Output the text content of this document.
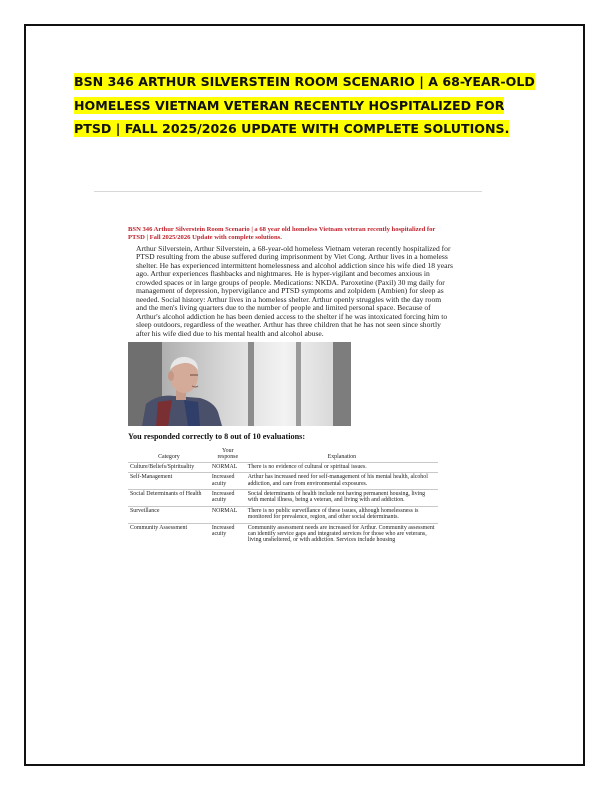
BSN 346 ARTHUR SILVERSTEIN ROOM SCENARIO | A 68-YEAR-OLD HOMELESS VIETNAM VETERAN RECENTLY HOSPITALIZED FOR PTSD | FALL 2025/2026 UPDATE WITH COMPLETE SOLUTIONS.

BSN 346 Arthur Silverstein Room Scenario | a 68 year old homeless Vietnam veteran recently hospitalized for PTSD | Fall 2025/2026 Update with complete solutions.

Arthur Silverstein, Arthur Silverstein, a 68-year-old homeless Vietnam veteran recently hospitalized for PTSD resulting from the abuse suffered during imprisonment by Viet Cong. Arthur lives in a homeless shelter. He has experienced intermittent homelessness and alcohol addiction since his wife died 18 years ago. Arthur experiences flashbacks and nightmares. He is hyper-vigilant and becomes anxious in crowded spaces or in large groups of people. Medications: NKDA. Paroxetine (Paxil) 30 mg daily for management of depression, hypervigilance and PTSD symptoms and zolpidem (Ambien) for sleep as needed. Social history: Arthur lives in a homeless shelter. Arthur openly struggles with the day room and the men's living quarters due to the number of people and limited personal space. Because of Arthur's alcohol addiction he has been denied access to the shelter if he was intoxicated forcing him to sleep outdoors, regardless of the weather. Arthur has three children that he has not seen since shortly after his wife died due to his mental health and alcohol abuse.

You responded correctly to 8 out of 10 evaluations:

Category	Your response	Explanation
Culture/Beliefs/Spirituality	NORMAL	There is no evidence of cultural or spiritual issues.
Self-Management	Increased acuity	Arthur has increased need for self-management of his mental health, alcohol addiction, and care from environmental exposures.
Social Determinants of Health	Increased acuity	Social determinants of health include not having permanent housing, living with mental illness, being a veteran, and living with and addiction.
Surveillance	NORMAL	There is no public surveillance of these issues, although homelessness is monitored for prevalence, region, and other social determinants.
Community Assessment	Increased acuity	Community assessment needs are increased for Arthur. Community assessment can identify service gaps and integrated services for those who are veterans, living unsheltered, or with addiction. Services include housing
